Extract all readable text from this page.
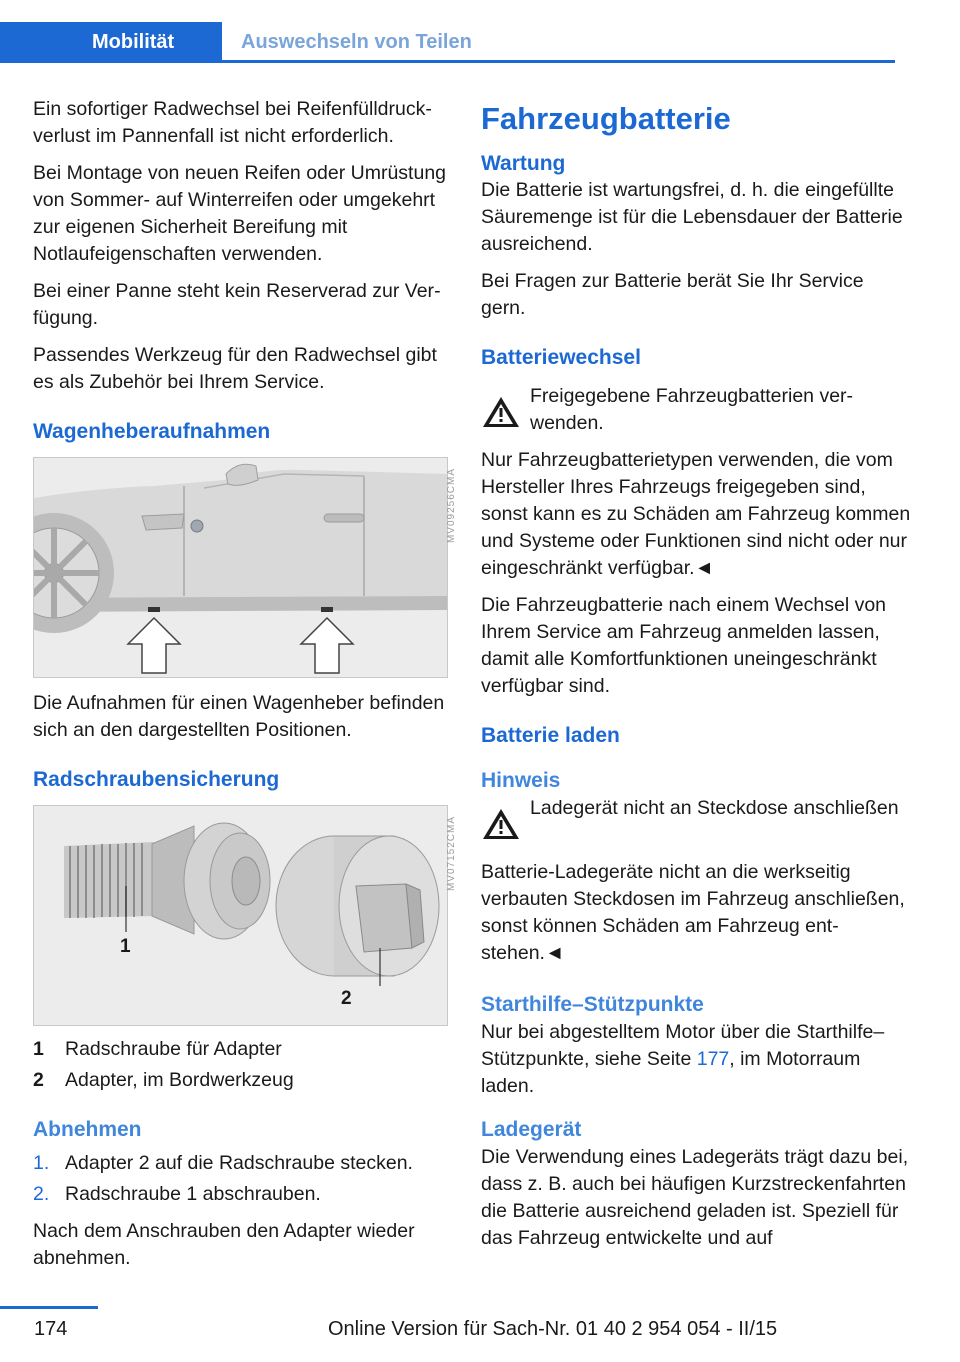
Mobilität	Auswechseln von Teilen

Ein sofortiger Radwechsel bei Reifenfülldruckverlust im Pannenfall ist nicht erforderlich.

Bei Montage von neuen Reifen oder Umrüstung von Sommer- auf Winterreifen oder umgekehrt zur eigenen Sicherheit Bereifung mit Notlaufeigenschaften verwenden.

Bei einer Panne steht kein Reserverad zur Verfügung.

Passendes Werkzeug für den Radwechsel gibt es als Zubehör bei Ihrem Service.

Wagenheberaufnahmen
MV09256CMA

Die Aufnahmen für einen Wagenheber befinden sich an den dargestellten Positionen.

Radschraubensicherung
1
2
MV07152CMA
1	Radschraube für Adapter
2	Adapter, im Bordwerkzeug
Abnehmen
1. Adapter 2 auf die Radschraube stecken.
2. Radschraube 1 abschrauben.

Nach dem Anschrauben den Adapter wieder abnehmen.

Fahrzeugbatterie
Wartung

Die Batterie ist wartungsfrei, d. h. die eingefüllte Säuremenge ist für die Lebensdauer der Batterie ausreichend.

Bei Fragen zur Batterie berät Sie Ihr Service gern.

Batteriewechsel
Freigegebene Fahrzeugbatterien verwenden.

Nur Fahrzeugbatterietypen verwenden, die vom Hersteller Ihres Fahrzeugs freigegeben sind, sonst kann es zu Schäden am Fahrzeug kommen und Systeme oder Funktionen sind nicht oder nur eingeschränkt verfügbar.◄

Die Fahrzeugbatterie nach einem Wechsel von Ihrem Service am Fahrzeug anmelden lassen, damit alle Komfortfunktionen uneingeschränkt verfügbar sind.

Batterie laden
Hinweis
Ladegerät nicht an Steckdose anschließen

Batterie-Ladegeräte nicht an die werkseitig verbauten Steckdosen im Fahrzeug anschließen, sonst können Schäden am Fahrzeug entstehen.◄

Starthilfe–Stützpunkte

Nur bei abgestelltem Motor über die Starthilfe–Stützpunkte, siehe Seite 177, im Motorraum laden.

Ladegerät

Die Verwendung eines Ladegeräts trägt dazu bei, dass z. B. auch bei häufigen Kurzstreckenfahrten die Batterie ausreichend geladen ist. Speziell für das Fahrzeug entwickelte und auf

174	Online Version für Sach-Nr. 01 40 2 954 054 - II/15
